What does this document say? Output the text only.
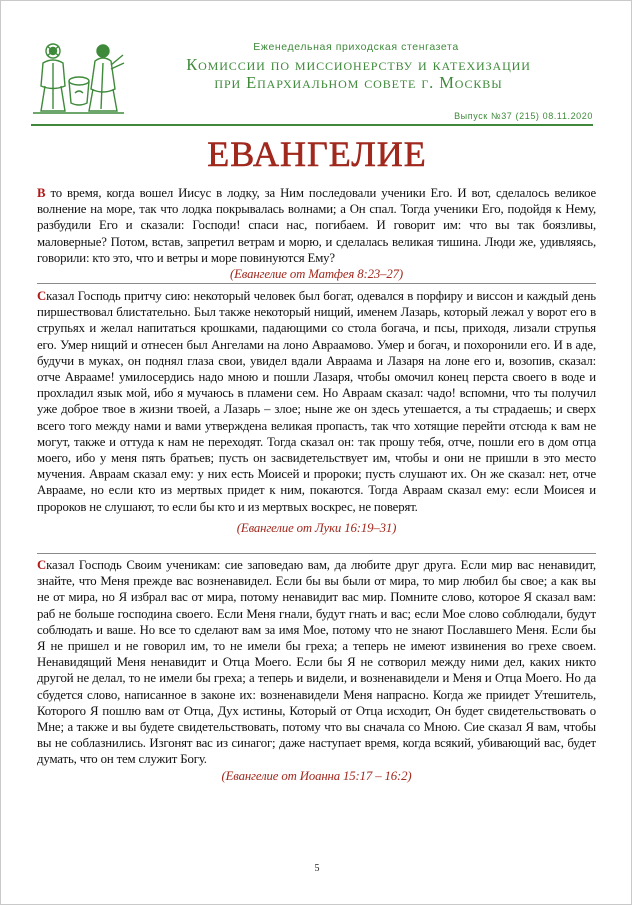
Еженедельная приходская стенгазета
Комиссии по миссионерству и катехизации
при Епархиальном совете г. Москвы
Выпуск №37 (215) 08.11.2020
ЕВАНГЕЛИЕ

В то время, когда вошел Иисус в лодку, за Ним последовали ученики Его. И вот, сделалось великое волнение на море, так что лодка покрывалась волнами; а Он спал. Тогда ученики Его, подойдя к Нему, разбудили Его и сказали: Господи! спаси нас, погибаем. И говорит им: что вы так боязливы, маловерные? Потом, встав, запретил ветрам и морю, и сделалась великая тишина. Люди же, удивляясь, говорили: кто это, что и ветры и море повинуются Ему?

(Евангелие от Матфея 8:23–27)

Сказал Господь притчу сию: некоторый человек был богат, одевался в порфиру и виссон и каждый день пиршествовал блистательно. Был также некоторый нищий, именем Лазарь, который лежал у ворот его в струпьях и желал напитаться крошками, падающими со стола богача, и псы, приходя, лизали струпья его. Умер нищий и отнесен был Ангелами на лоно Авраамово. Умер и богач, и похоронили его. И в аде, будучи в муках, он поднял глаза свои, увидел вдали Авраама и Лазаря на лоне его и, возопив, сказал: отче Аврааме! умилосердись надо мною и пошли Лазаря, чтобы омочил конец перста своего в воде и прохладил язык мой, ибо я мучаюсь в пламени сем. Но Авраам сказал: чадо! вспомни, что ты получил уже доброе твое в жизни твоей, а Лазарь – злое; ныне же он здесь утешается, а ты страдаешь; и сверх всего того между нами и вами утверждена великая пропасть, так что хотящие перейти отсюда к вам не могут, также и оттуда к нам не переходят. Тогда сказал он: так прошу тебя, отче, пошли его в дом отца моего, ибо у меня пять братьев; пусть он засвидетельствует им, чтобы и они не пришли в это место мучения. Авраам сказал ему: у них есть Моисей и пророки; пусть слушают их. Он же сказал: нет, отче Аврааме, но если кто из мертвых придет к ним, покаются. Тогда Авраам сказал ему: если Моисея и пророков не слушают, то если бы кто и из мертвых воскрес, не поверят.

(Евангелие от Луки 16:19–31)

Сказал Господь Своим ученикам: сие заповедаю вам, да любите друг друга. Если мир вас ненавидит, знайте, что Меня прежде вас возненавидел. Если бы вы были от мира, то мир любил бы свое; а как вы не от мира, но Я избрал вас от мира, потому ненавидит вас мир. Помните слово, которое Я сказал вам: раб не больше господина своего. Если Меня гнали, будут гнать и вас; если Мое слово соблюдали, будут соблюдать и ваше. Но все то сделают вам за имя Мое, потому что не знают Пославшего Меня. Если бы Я не пришел и не говорил им, то не имели бы греха; а теперь не имеют извинения во грехе своем. Ненавидящий Меня ненавидит и Отца Моего. Если бы Я не сотворил между ними дел, каких никто другой не делал, то не имели бы греха; а теперь и видели, и возненавидели и Меня и Отца Моего. Но да сбудется слово, написанное в законе их: возненавидели Меня напрасно. Когда же приидет Утешитель, Которого Я пошлю вам от Отца, Дух истины, Который от Отца исходит, Он будет свидетельствовать о Мне; а также и вы будете свидетельствовать, потому что вы сначала со Мною. Сие сказал Я вам, чтобы вы не соблазнились. Изгонят вас из синагог; даже наступает время, когда всякий, убивающий вас, будет думать, что он тем служит Богу.

(Евангелие от Иоанна 15:17 – 16:2)

5
